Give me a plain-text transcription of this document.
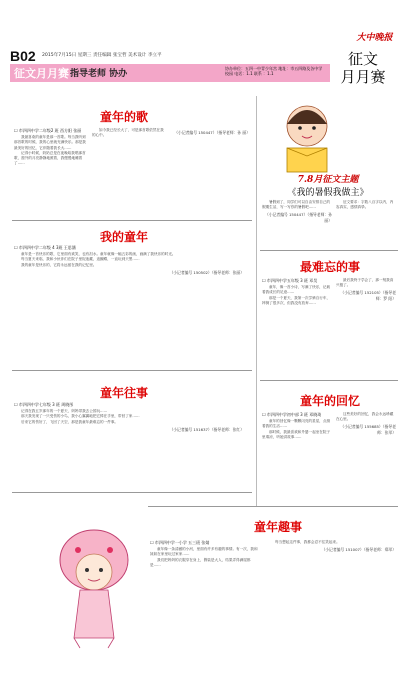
B02 2015年7月15日 星期三 责任编辑 张宝哲 美术设计 李立平
大中晚报
征文
月月赛
征文月月赛 指导老师 协办
协办单位：五四一中青少年宫 地址：市五四路及各中学校园 电话：1.1 联系 ：1.1
童年的歌
☐ 市四四中学二年级2 班 西方阳 张丽

我最喜欢的童年是那一首歌。每当我听到那首歌的时候，我的心里就充满快乐。那是我最美好的回忆，它伴随着我长大……

记得小时候，奶奶总是在夜晚给我唱那首歌，窗外的月亮静静地照着，我慢慢地睡着了……

如今我已经长大了，可是那首歌依然在我的心中。

（小记者编号 150447）（指导老师：孙 丽）
我的童年
☐ 市四四中学二年级 4 3班 王思涵

童年是一首快乐的歌，它里面有欢笑，也有泪水。童年就像一幅五彩的画，画满了我快乐的时光。

每当夏天来临，我和小伙伴们在院子里捉迷藏，追蝴蝶，一直玩到天黑……

我的童年是快乐的，它将永远留在我的记忆里。

（小记者编号 150502）（指导老师：张丽）
童年往事
☐ 市四四中学七年级 3 班 周晓彤

记得在我五岁那年的一个夏天，妈妈带我去公园玩……

那天我发现了一只受伤的小鸟，我小心翼翼地把它捧在手里，带回了家……

后来它的伤好了，飞回了天空，那是我童年最难忘的一件事。

（小记者编号 151637）（指导老师：张红）
童年趣事
☐ 市四四中学一小学 五三班 张婧

童年像一条清澈的小河，里面有许多有趣的事情。有一次，我和妹妹在家里玩过家家……

我们把妈妈的衣服穿在身上，假装是大人，结果弄得满屋都是……

每当想起这件事，我都会忍不住笑起来。

（小记者编号 151007）（指导老师：郑翠）
7.8月征文主题
《我的暑假我做主》

暑假到了，同学们可以自由安排自己的假期生活，写一写你的暑假吧……

（小记者编号 150447）（指导老师：孙 丽）

征文要求：字数八百字以内，内容真实，感情真挚。

最难忘的事
☐ 市四四中学五年级 3 班 邓昊

童年，像一首小诗，写满了快乐，记载着我成长的足迹……

那是一个夏天，我第一次学骑自行车，摔倒了很多次，但我没有放弃……

最后我终于学会了，那一刻我高兴极了。

（小记者编号 152105）（指导老师：罗 阳）
童年的回忆
☐ 市四四中学初中部 3 班 邓晓琦

童年的回忆像一颗颗闪亮的星星，点缀着我的生活……

那时候，我最喜欢和外婆一起坐在院子里乘凉，听她讲故事……

这些美好的回忆，我会永远珍藏在心里。

（小记者编号 155685）（指导老师：张翠）
